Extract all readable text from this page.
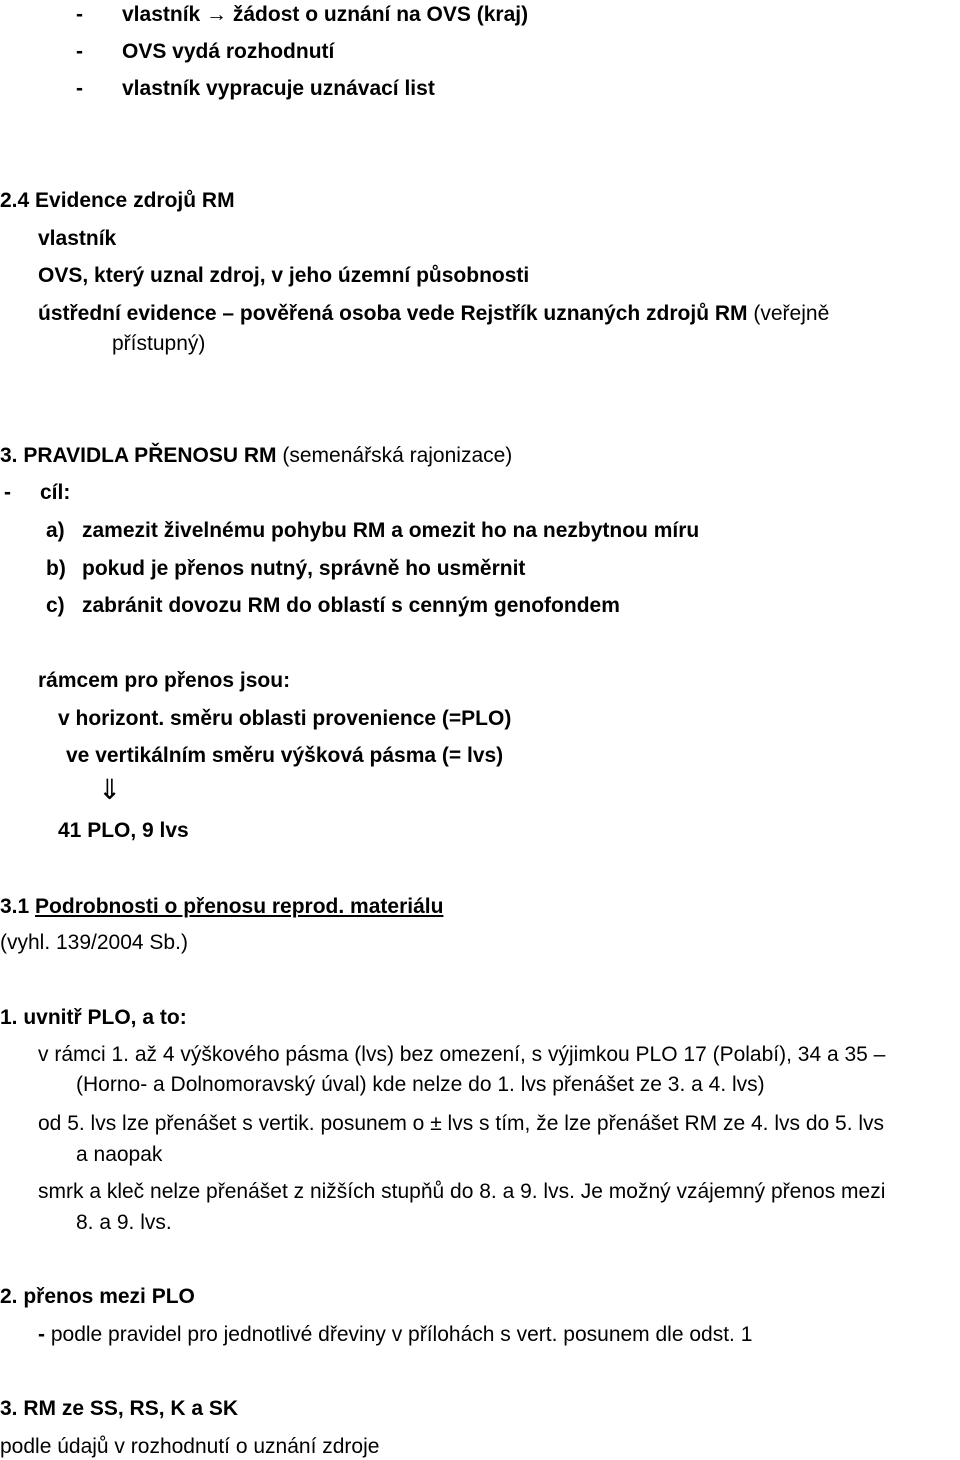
- vlastník → žádost o uznání na OVS (kraj)
- OVS vydá rozhodnutí
- vlastník vypracuje uznávací list
2.4 Evidence zdrojů RM
vlastník
OVS, který uznal zdroj, v jeho územní působnosti
ústřední evidence – pověřená osoba vede Rejstřík uznaných zdrojů RM (veřejně
přístupný)
3. PRAVIDLA PŘENOSU RM (semenářská rajonizace)
- cíl:
a) zamezit živelnému pohybu RM a omezit ho na nezbytnou míru
b) pokud je přenos nutný, správně ho usměrnit
c) zabránit dovozu RM do oblastí s cenným genofondem
rámcem pro přenos jsou:
v horizont. směru oblasti provenience (=PLO)
ve vertikálním směru výšková pásma (= lvs)
⇓
41 PLO, 9 lvs
3.1 Podrobnosti o přenosu reprod. materiálu
(vyhl. 139/2004 Sb.)
1. uvnitř PLO, a to:
v rámci 1. až 4 výškového pásma (lvs) bez omezení, s výjimkou PLO 17 (Polabí), 34 a 35 –
(Horno- a Dolnomoravský úval) kde nelze do 1. lvs přenášet ze 3. a 4. lvs)
od 5. lvs lze přenášet s vertik. posunem o ± lvs s tím, že lze přenášet RM ze 4. lvs do 5. lvs
a naopak
smrk a kleč nelze přenášet z nižších stupňů do 8. a 9. lvs. Je možný vzájemný přenos mezi
8. a 9. lvs.
2. přenos mezi PLO
- podle pravidel pro jednotlivé dřeviny v přílohách s vert. posunem dle odst. 1
3. RM ze SS, RS, K a SK
podle údajů v rozhodnutí o uznání zdroje
